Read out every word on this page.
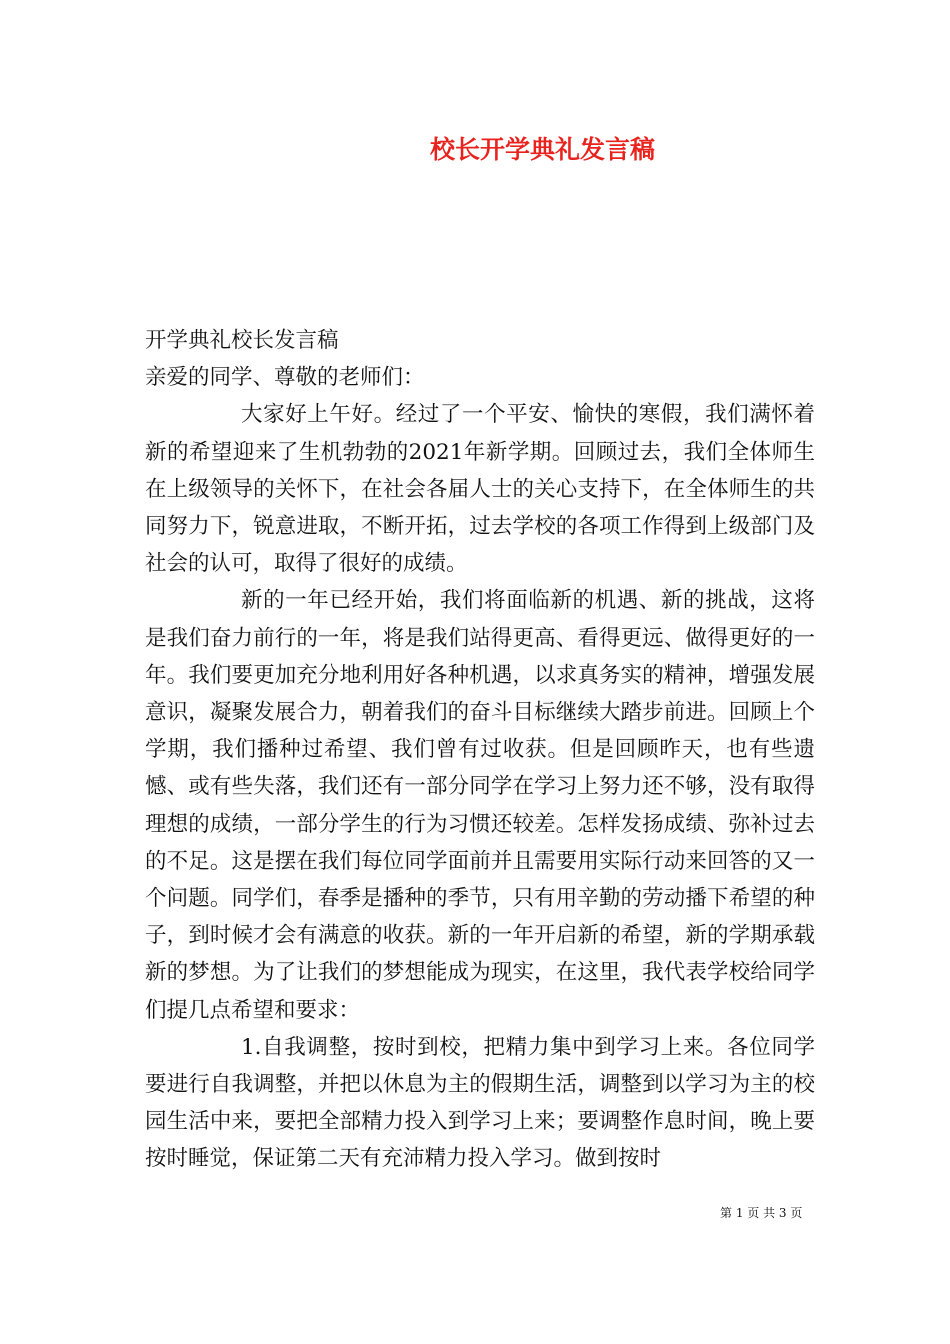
校长开学典礼发言稿

开学典礼校长发言稿

亲爱的同学、尊敬的老师们：

大家好上午好。经过了一个平安、愉快的寒假，我们满怀着新的希望迎来了生机勃勃的2021年新学期。回顾过去，我们全体师生在上级领导的关怀下，在社会各届人士的关心支持下，在全体师生的共同努力下，锐意进取，不断开拓，过去学校的各项工作得到上级部门及社会的认可，取得了很好的成绩。

新的一年已经开始，我们将面临新的机遇、新的挑战，这将是我们奋力前行的一年，将是我们站得更高、看得更远、做得更好的一年。我们要更加充分地利用好各种机遇，以求真务实的精神，增强发展意识，凝聚发展合力，朝着我们的奋斗目标继续大踏步前进。回顾上个学期，我们播种过希望、我们曾有过收获。但是回顾昨天，也有些遗憾、或有些失落，我们还有一部分同学在学习上努力还不够，没有取得理想的成绩，一部分学生的行为习惯还较差。怎样发扬成绩、弥补过去的不足。这是摆在我们每位同学面前并且需要用实际行动来回答的又一个问题。同学们，春季是播种的季节，只有用辛勤的劳动播下希望的种子，到时候才会有满意的收获。新的一年开启新的希望，新的学期承载新的梦想。为了让我们的梦想能成为现实，在这里，我代表学校给同学们提几点希望和要求：

1.自我调整，按时到校，把精力集中到学习上来。各位同学要进行自我调整，并把以休息为主的假期生活，调整到以学习为主的校园生活中来，要把全部精力投入到学习上来；要调整作息时间，晚上要按时睡觉，保证第二天有充沛精力投入学习。做到按时

第 1 页 共 3 页
